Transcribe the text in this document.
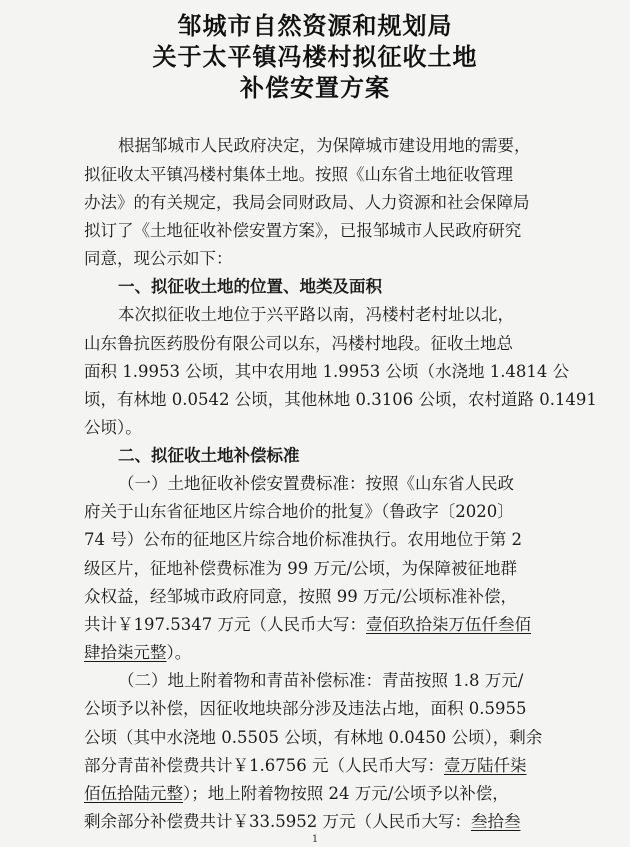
邹城市自然资源和规划局
关于太平镇冯楼村拟征收土地
补偿安置方案
根据邹城市人民政府决定，为保障城市建设用地的需要，
拟征收太平镇冯楼村集体土地。按照《山东省土地征收管理
办法》的有关规定，我局会同财政局、人力资源和社会保障局
拟订了《土地征收补偿安置方案》，已报邹城市人民政府研究
同意，现公示如下：
一、拟征收土地的位置、地类及面积
本次拟征收土地位于兴平路以南，冯楼村老村址以北，
山东鲁抗医药股份有限公司以东，冯楼村地段。征收土地总
面积 1.9953 公顷，其中农用地 1.9953 公顷（水浇地 1.4814 公
顷，有林地 0.0542 公顷，其他林地 0.3106 公顷，农村道路 0.1491
公顷）。
二、拟征收土地补偿标准
（一）土地征收补偿安置费标准：按照《山东省人民政
府关于山东省征地区片综合地价的批复》（鲁政字〔2020〕
74 号）公布的征地区片综合地价标准执行。农用地位于第 2
级区片，征地补偿费标准为 99 万元/公顷，为保障被征地群
众权益，经邹城市政府同意，按照 99 万元/公顷标准补偿，
共计￥197.5347 万元（人民币大写：壹佰玖拾柒万伍仟叁佰
肆拾柒元整）。
（二）地上附着物和青苗补偿标准：青苗按照 1.8 万元/
公顷予以补偿，因征收地块部分涉及违法占地，面积 0.5955
公顷（其中水浇地 0.5505 公顷，有林地 0.0450 公顷），剩余
部分青苗补偿费共计￥1.6756 元（人民币大写：壹万陆仟柒
佰伍拾陆元整）；地上附着物按照 24 万元/公顷予以补偿，
剩余部分补偿费共计￥33.5952 万元（人民币大写：叁拾叁
1
